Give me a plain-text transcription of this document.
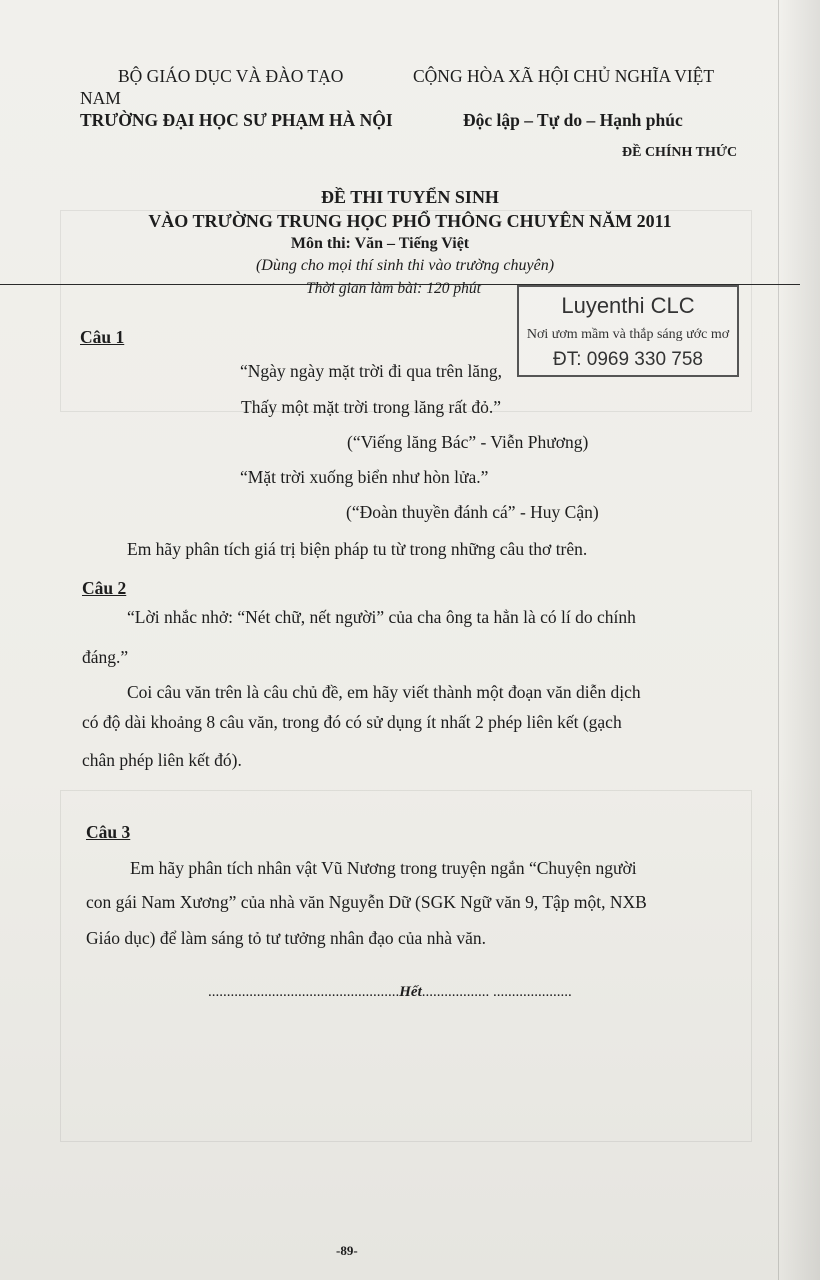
BỘ GIÁO DỤC VÀ ĐÀO TẠO	CỘNG HÒA XÃ HỘI CHỦ NGHĨA VIỆT
NAM
TRƯỜNG ĐẠI HỌC SƯ PHẠM HÀ NỘI	Độc lập – Tự do – Hạnh phúc
ĐỀ CHÍNH THỨC
ĐỀ THI TUYỂN SINH
VÀO TRƯỜNG TRUNG HỌC PHỔ THÔNG CHUYÊN NĂM 2011
Môn thi: Văn – Tiếng Việt
(Dùng cho mọi thí sinh thi vào trường chuyên)
Thời gian làm bài: 120 phút
Luyenthi CLC
Nơi ươm mầm và thắp sáng ước mơ
ĐT: 0969 330 758
Câu 1
“Ngày ngày mặt trời đi qua trên lăng,
Thấy một mặt trời trong lăng rất đỏ.”
(“Viếng lăng Bác” - Viễn Phương)
“Mặt trời xuống biển như hòn lửa.”
(“Đoàn thuyền đánh cá” - Huy Cận)
Em hãy phân tích giá trị biện pháp tu từ trong những câu thơ trên.
Câu 2
“Lời nhắc nhở: “Nét chữ, nết người” của cha ông ta hẳn là có lí do chính
đáng.”
Coi câu văn trên là câu chủ đề, em hãy viết thành một đoạn văn diễn dịch
có độ dài khoảng 8 câu văn, trong đó có sử dụng ít nhất 2 phép liên kết (gạch
chân phép liên kết đó).
Câu 3
Em hãy phân tích nhân vật Vũ Nương trong truyện ngắn “Chuyện người
con gái Nam Xương” của nhà văn Nguyễn Dữ (SGK Ngữ văn 9, Tập một, NXB
Giáo dục) để làm sáng tỏ tư tưởng nhân đạo của nhà văn.
...................................................Hết.................. .....................
-89-
